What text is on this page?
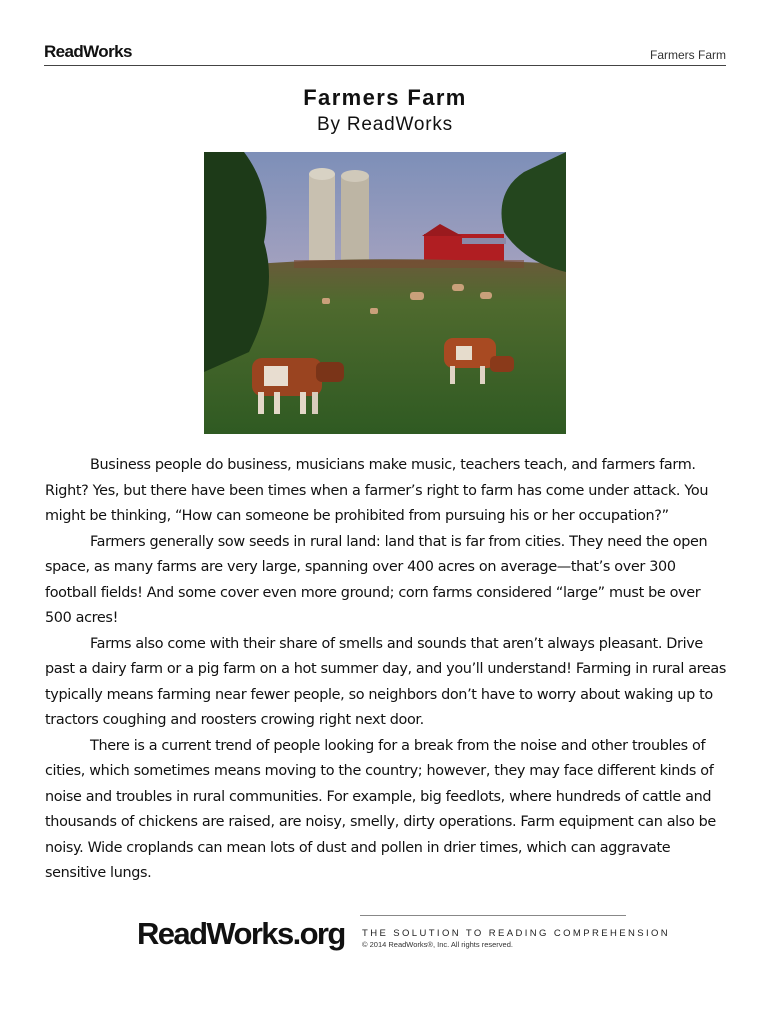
ReadWorks	Farmers Farm
Farmers Farm
By ReadWorks

Business people do business, musicians make music, teachers teach, and farmers farm. Right? Yes, but there have been times when a farmer’s right to farm has come under attack. You might be thinking, “How can someone be prohibited from pursuing his or her occupation?”

Farmers generally sow seeds in rural land: land that is far from cities. They need the open space, as many farms are very large, spanning over 400 acres on average—that’s over 300 football fields! And some cover even more ground; corn farms considered “large” must be over 500 acres!

Farms also come with their share of smells and sounds that aren’t always pleasant. Drive past a dairy farm or a pig farm on a hot summer day, and you’ll understand! Farming in rural areas typically means farming near fewer people, so neighbors don’t have to worry about waking up to tractors coughing and roosters crowing right next door.

There is a current trend of people looking for a break from the noise and other troubles of cities, which sometimes means moving to the country; however, they may face different kinds of noise and troubles in rural communities. For example, big feedlots, where hundreds of cattle and thousands of chickens are raised, are noisy, smelly, dirty operations. Farm equipment can also be noisy. Wide croplands can mean lots of dust and pollen in drier times, which can aggravate sensitive lungs.

ReadWorks.org THE SOLUTION TO READING COMPREHENSION
© 2014 ReadWorks®, Inc. All rights reserved.
